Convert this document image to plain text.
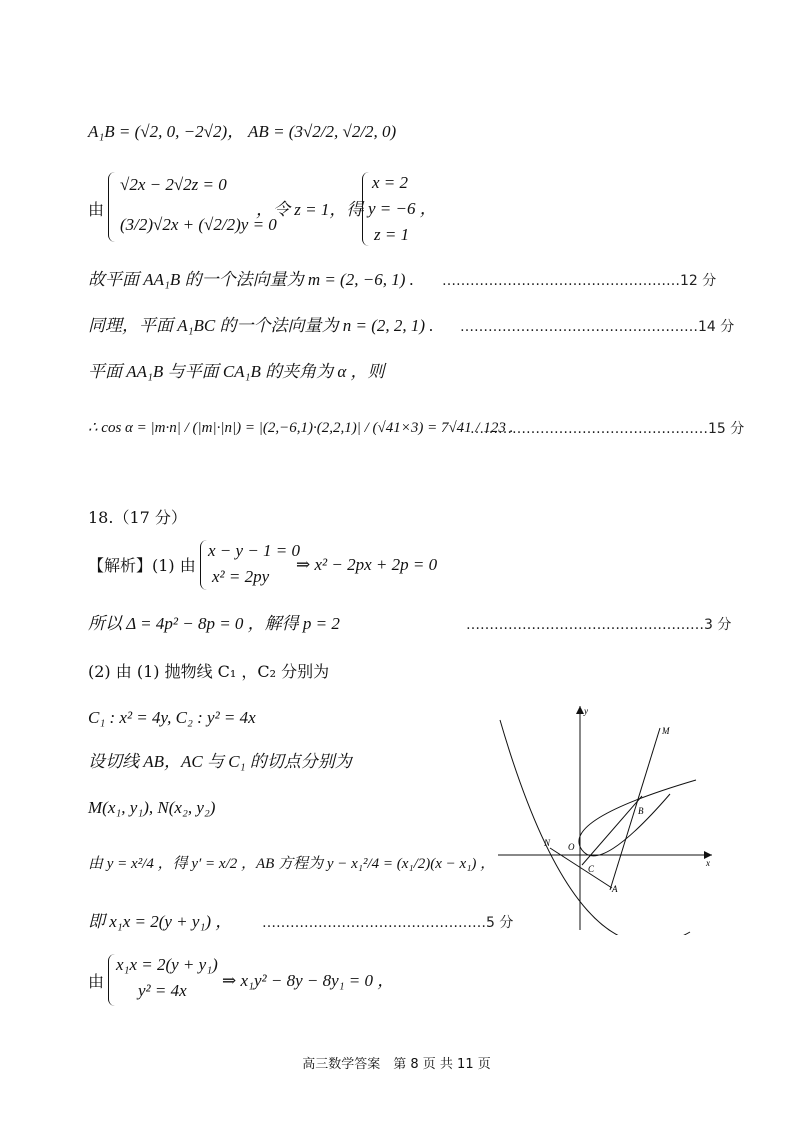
A₁B = (√2, 0, −2√2)， AB = (3√2/2, √2/2, 0)
由
√2x − 2√2z = 0
(3/2)√2x + (√2/2)y = 0
，令 z = 1，得
x = 2
y = −6 ，
z = 1
故平面 AA₁B 的一个法向量为 m = (2, −6, 1) . ……………………………………………12 分
同理，平面 A₁BC 的一个法向量为 n = (2, 2, 1) . ……………………………………………14 分
平面 AA₁B 与平面 CA₁B 的夹角为 α ，则
∴ cos α = |m·n| / (|m|·|n|) = |(2,−6,1)·(2,2,1)| / (√41×3) = 7√41 / 123 .
……………………………………………15 分
18.（17 分）
【解析】(1) 由
x − y − 1 = 0
x² = 2py
⇒ x² − 2px + 2p = 0
所以 Δ = 4p² − 8p = 0 ，解得 p = 2	……………………………………………3 分
(2) 由 (1) 抛物线 C₁ ，C₂ 分别为
C₁ : x² = 4y, C₂ : y² = 4x
设切线 AB，AC 与 C₁ 的切点分别为
M(x₁, y₁), N(x₂, y₂)
由 y = x²/4 ，得 y′ = x/2 ，AB 方程为 y − x₁²/4 = (x₁/2)(x − x₁) ，
即 x₁x = 2(y + y₁) ， …………………………………………5 分
由
x₁x = 2(y + y₁)
y² = 4x
⇒ x₁y² − 8y − 8y₁ = 0 ，
y
x
M
B
N O
C
A
高三数学答案　第 8 页 共 11 页
